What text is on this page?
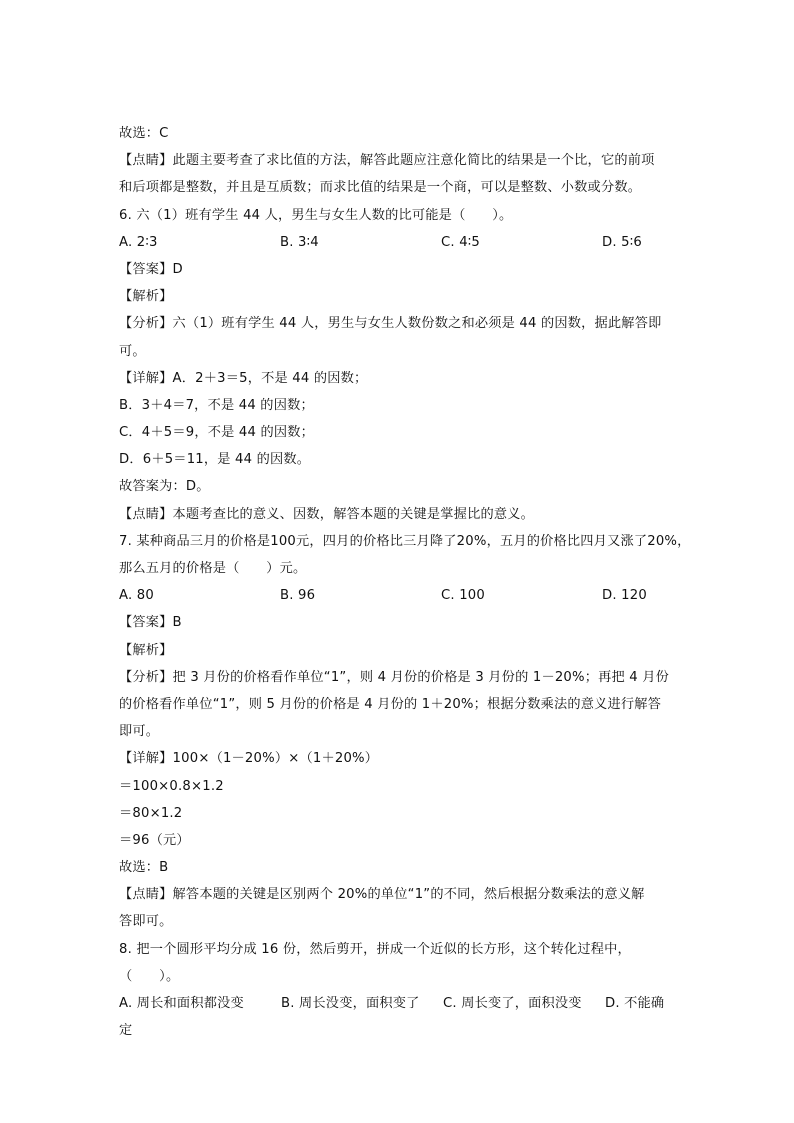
故选：C
【点睛】此题主要考查了求比值的方法，解答此题应注意化简比的结果是一个比，它的前项
和后项都是整数，并且是互质数；而求比值的结果是一个商，可以是整数、小数或分数。
6. 六（1）班有学生 44 人，男生与女生人数的比可能是（　　）。
A. 2∶3	B. 3∶4	C. 4∶5	D. 5∶6
【答案】D
【解析】
【分析】六（1）班有学生 44 人，男生与女生人数份数之和必须是 44 的因数，据此解答即
可。
【详解】A．2＋3＝5，不是 44 的因数；
B．3＋4＝7，不是 44 的因数；
C．4＋5＝9，不是 44 的因数；
D．6＋5＝11，是 44 的因数。
故答案为：D。
【点睛】本题考查比的意义、因数，解答本题的关键是掌握比的意义。
7. 某种商品三月的价格是100元，四月的价格比三月降了20%，五月的价格比四月又涨了20%，
那么五月的价格是（　　）元。
A. 80	B. 96	C. 100	D. 120
【答案】B
【解析】
【分析】把 3 月份的价格看作单位“1”，则 4 月份的价格是 3 月份的 1－20%；再把 4 月份
的价格看作单位“1”，则 5 月份的价格是 4 月份的 1＋20%；根据分数乘法的意义进行解答
即可。
【详解】100×（1－20%）×（1＋20%）
＝100×0.8×1.2
＝80×1.2
＝96（元）
故选：B
【点睛】解答本题的关键是区别两个 20%的单位“1”的不同，然后根据分数乘法的意义解
答即可。
8. 把一个圆形平均分成 16 份，然后剪开，拼成一个近似的长方形，这个转化过程中，
（　　）。
A. 周长和面积都没变	B. 周长没变，面积变了	C. 周长变了，面积没变	D. 不能确
定
